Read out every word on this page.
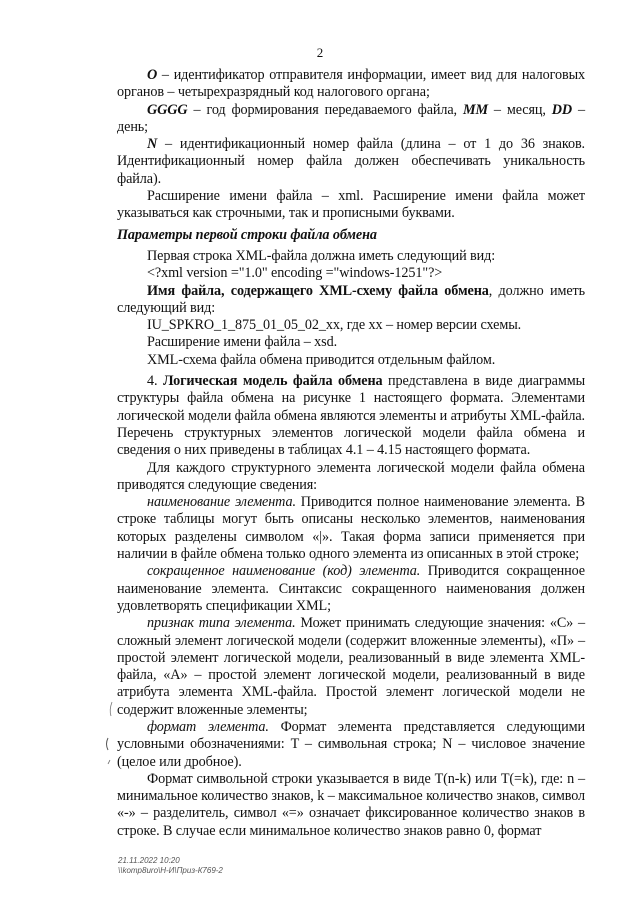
2

O – идентификатор отправителя информации, имеет вид для налоговых органов – четырехразрядный код налогового органа;

GGGG – год формирования передаваемого файла, MM – месяц, DD – день;

N – идентификационный номер файла (длина – от 1 до 36 знаков. Идентификационный номер файла должен обеспечивать уникальность файла).

Расширение имени файла – xml. Расширение имени файла может указываться как строчными, так и прописными буквами.

Параметры первой строки файла обмена

Первая строка XML-файла должна иметь следующий вид:

<?xml version ="1.0" encoding ="windows-1251"?>

Имя файла, содержащего XML-схему файла обмена, должно иметь следующий вид:

IU_SPKRO_1_875_01_05_02_xx, где хх – номер версии схемы.

Расширение имени файла – xsd.

XML-схема файла обмена приводится отдельным файлом.

4. Логическая модель файла обмена представлена в виде диаграммы структуры файла обмена на рисунке 1 настоящего формата. Элементами логической модели файла обмена являются элементы и атрибуты XML-файла. Перечень структурных элементов логической модели файла обмена и сведения о них приведены в таблицах 4.1 – 4.15 настоящего формата.

Для каждого структурного элемента логической модели файла обмена приводятся следующие сведения:

наименование элемента. Приводится полное наименование элемента. В строке таблицы могут быть описаны несколько элементов, наименования которых разделены символом «|». Такая форма записи применяется при наличии в файле обмена только одного элемента из описанных в этой строке;

сокращенное наименование (код) элемента. Приводится сокращенное наименование элемента. Синтаксис сокращенного наименования должен удовлетворять спецификации XML;

признак типа элемента. Может принимать следующие значения: «С» – сложный элемент логической модели (содержит вложенные элементы), «П» – простой элемент логической модели, реализованный в виде элемента XML-файла, «А» – простой элемент логической модели, реализованный в виде атрибута элемента XML-файла. Простой элемент логической модели не содержит вложенные элементы;

формат элемента. Формат элемента представляется следующими условными обозначениями: T – символьная строка; N – числовое значение (целое или дробное).

Формат символьной строки указывается в виде T(n-k) или T(=k), где: n – минимальное количество знаков, k – максимальное количество знаков, символ «-» – разделитель, символ «=» означает фиксированное количество знаков в строке. В случае если минимальное количество знаков равно 0, формат

21.11.2022 10:20
\\komp8uro\Н-И\Приз-К769-2
